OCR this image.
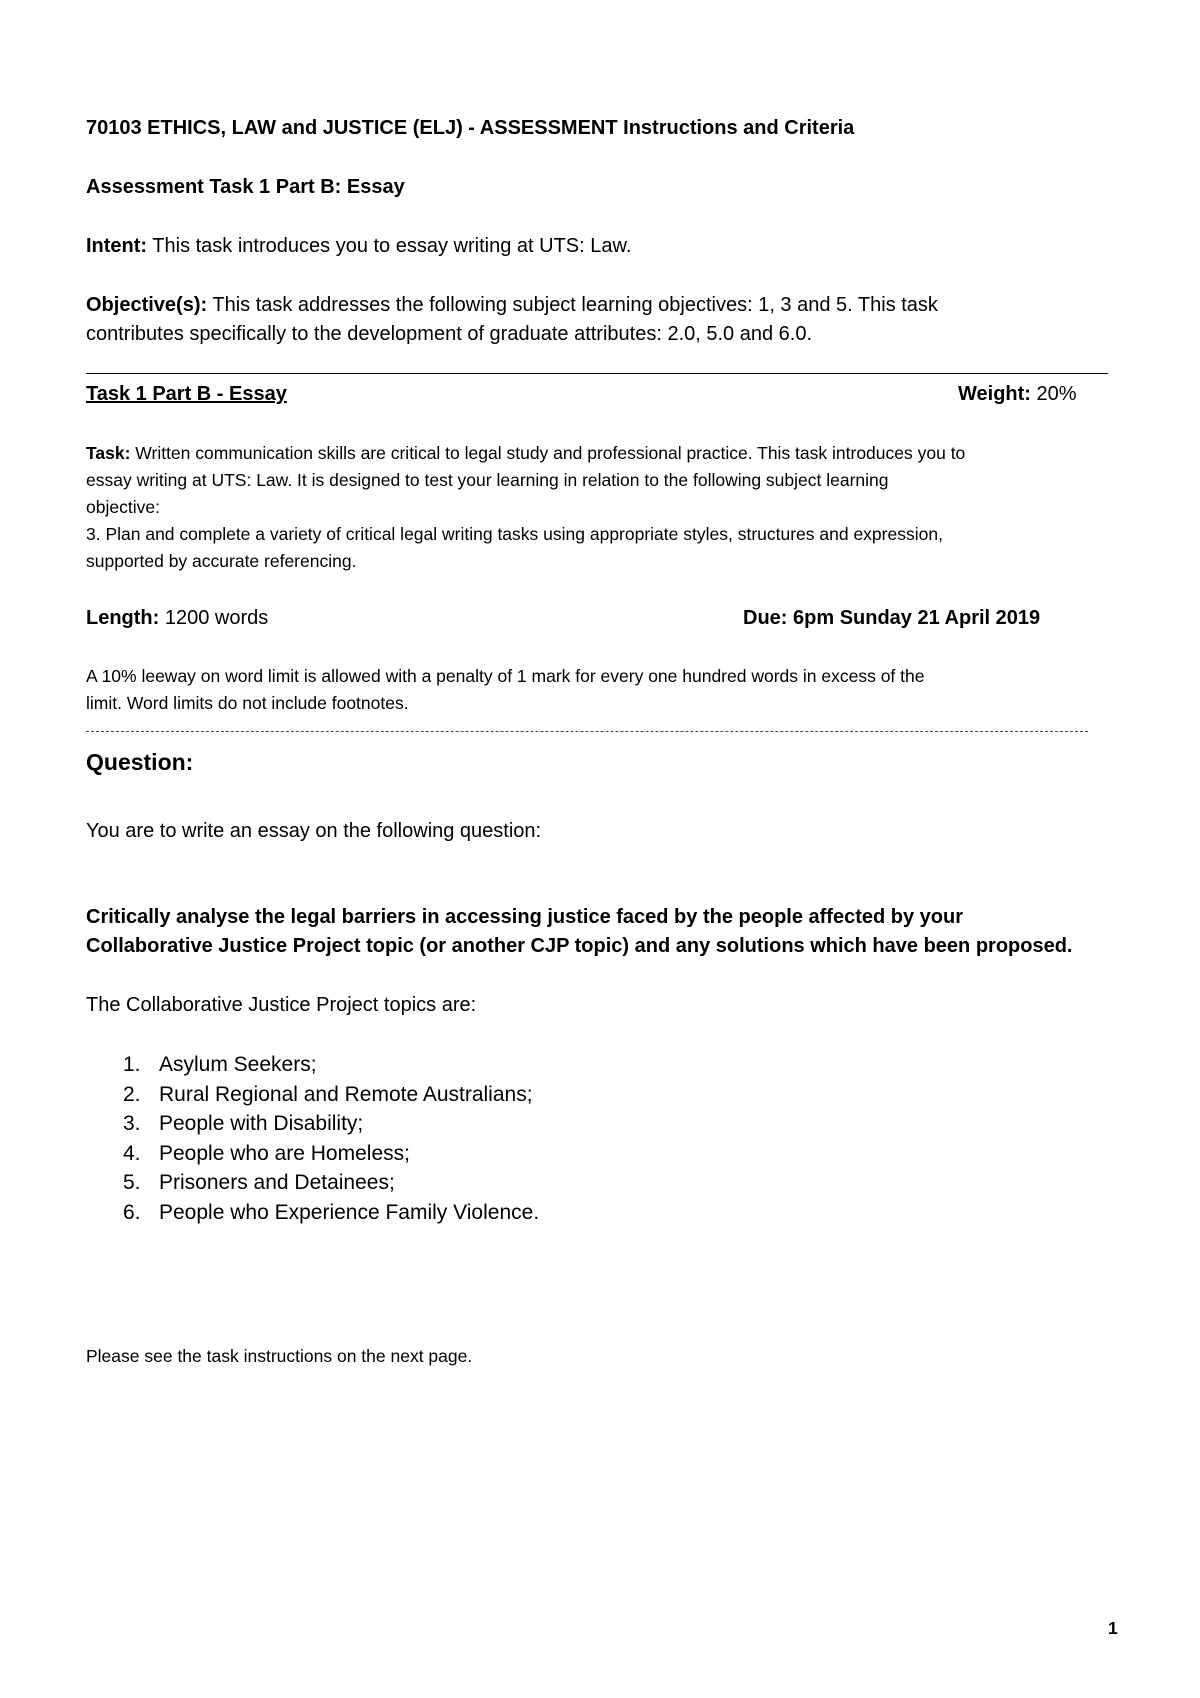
70103 ETHICS, LAW and JUSTICE (ELJ) - ASSESSMENT Instructions and Criteria
Assessment Task 1 Part B: Essay
Intent: This task introduces you to essay writing at UTS: Law.
Objective(s): This task addresses the following subject learning objectives: 1, 3 and 5. This task
contributes specifically to the development of graduate attributes: 2.0, 5.0 and 6.0.
Task 1 Part B - Essay	Weight: 20%
Task: Written communication skills are critical to legal study and professional practice. This task introduces you to
essay writing at UTS: Law. It is designed to test your learning in relation to the following subject learning
objective:
3. Plan and complete a variety of critical legal writing tasks using appropriate styles, structures and expression,
supported by accurate referencing.
Length: 1200 words	Due: 6pm Sunday 21 April 2019
A 10% leeway on word limit is allowed with a penalty of 1 mark for every one hundred words in excess of the
limit. Word limits do not include footnotes.
Question:
You are to write an essay on the following question:
Critically analyse the legal barriers in accessing justice faced by the people affected by your
Collaborative Justice Project topic (or another CJP topic) and any solutions which have been proposed.
The Collaborative Justice Project topics are:
1. Asylum Seekers;
2. Rural Regional and Remote Australians;
3. People with Disability;
4. People who are Homeless;
5. Prisoners and Detainees;
6. People who Experience Family Violence.
Please see the task instructions on the next page.
1
